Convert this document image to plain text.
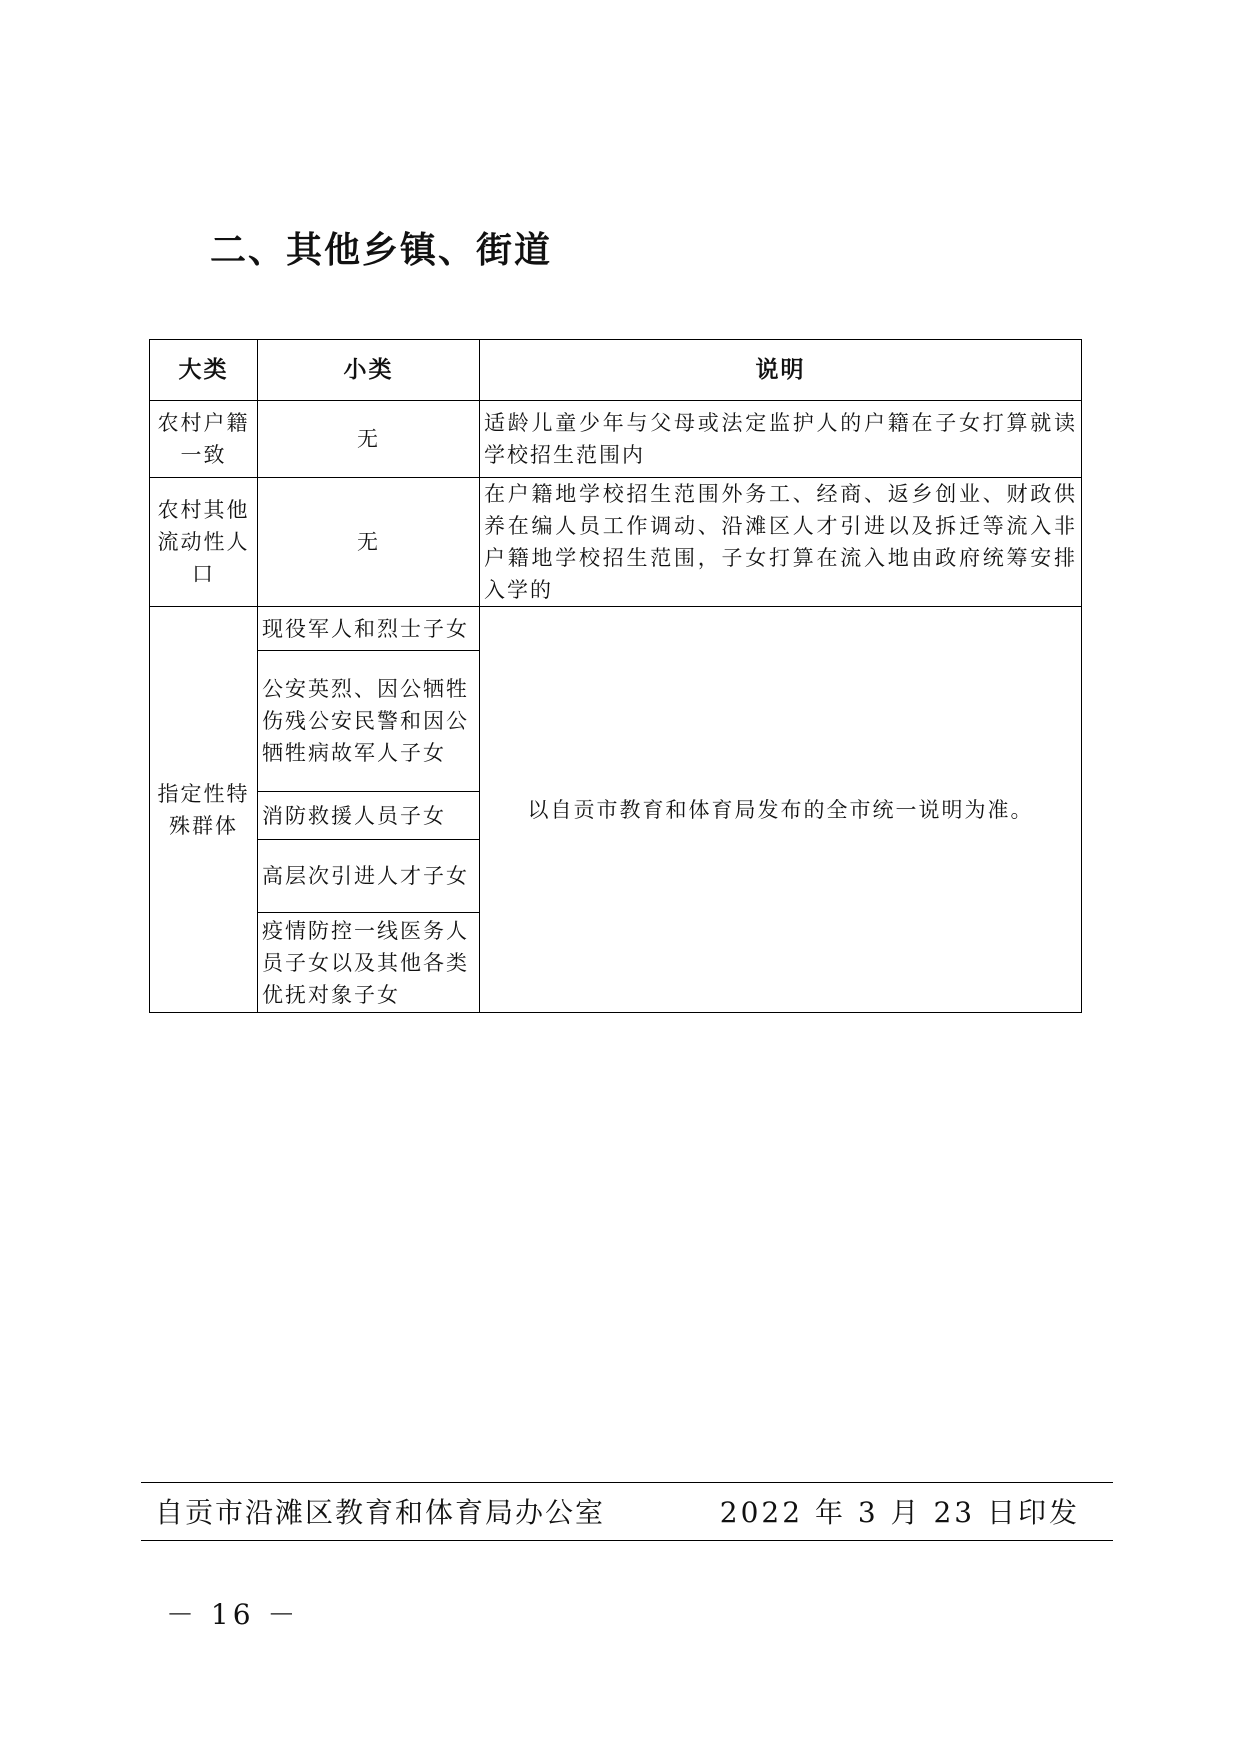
二、其他乡镇、街道
大类	小类	说明
农村户籍一致	无	适龄儿童少年与父母或法定监护人的户籍在子女打算就读学校招生范围内
农村其他流动性人口	无	在户籍地学校招生范围外务工、经商、返乡创业、财政供养在编人员工作调动、沿滩区人才引进以及拆迁等流入非户籍地学校招生范围，子女打算在流入地由政府统筹安排入学的
指定性特殊群体	现役军人和烈士子女	以自贡市教育和体育局发布的全市统一说明为准。
	公安英烈、因公牺牲伤残公安民警和因公牺牲病故军人子女	
	消防救援人员子女	
	高层次引进人才子女	
	疫情防控一线医务人员子女以及其他各类优抚对象子女	
自贡市沿滩区教育和体育局办公室	2022 年 3 月 23 日印发
－ 16 －
